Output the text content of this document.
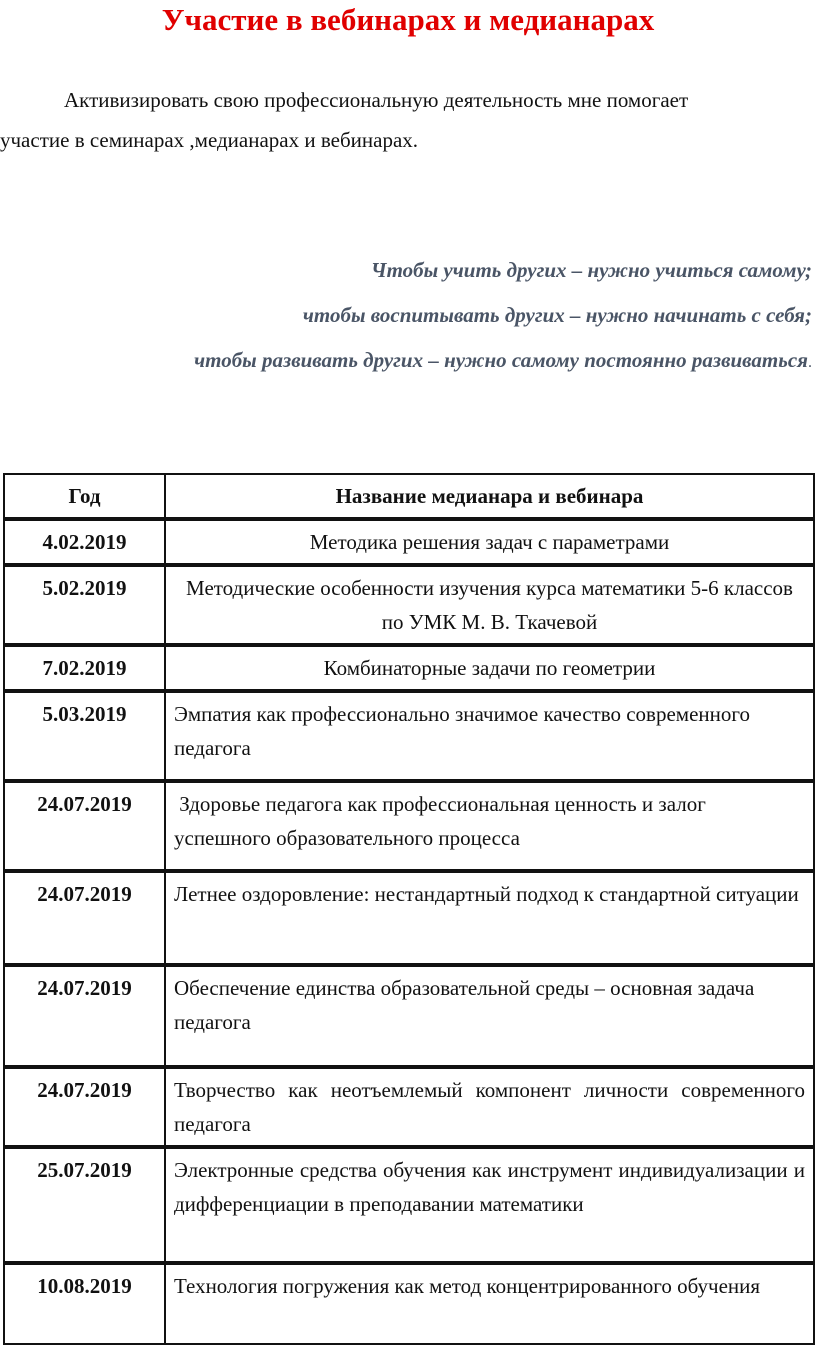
Участие в вебинарах и медианарах

Активизировать свою профессиональную деятельность мне помогает
участие в семинарах ,медианарах и вебинарах.

Чтобы учить других – нужно учиться самому;
чтобы воспитывать других – нужно начинать с себя;
чтобы развивать других – нужно самому постоянно развиваться.
Год	Название медианара и вебинара
4.02.2019	Методика решения задач с параметрами
5.02.2019	Методические особенности изучения курса математики 5-6 классов по УМК М. В. Ткачевой
7.02.2019	Комбинаторные задачи по геометрии
5.03.2019	Эмпатия как профессионально значимое качество современного педагога
24.07.2019	Здоровье педагога как профессиональная ценность и залог успешного образовательного процесса
24.07.2019	Летнее оздоровление: нестандартный подход к стандартной ситуации
24.07.2019	Обеспечение единства образовательной среды – основная задача педагога
24.07.2019	Творчество как неотъемлемый компонент личности современного педагога
25.07.2019	Электронные средства обучения как инструмент индивидуализации и дифференциации в преподавании математики
10.08.2019	Технология погружения как метод концентрированного обучения
